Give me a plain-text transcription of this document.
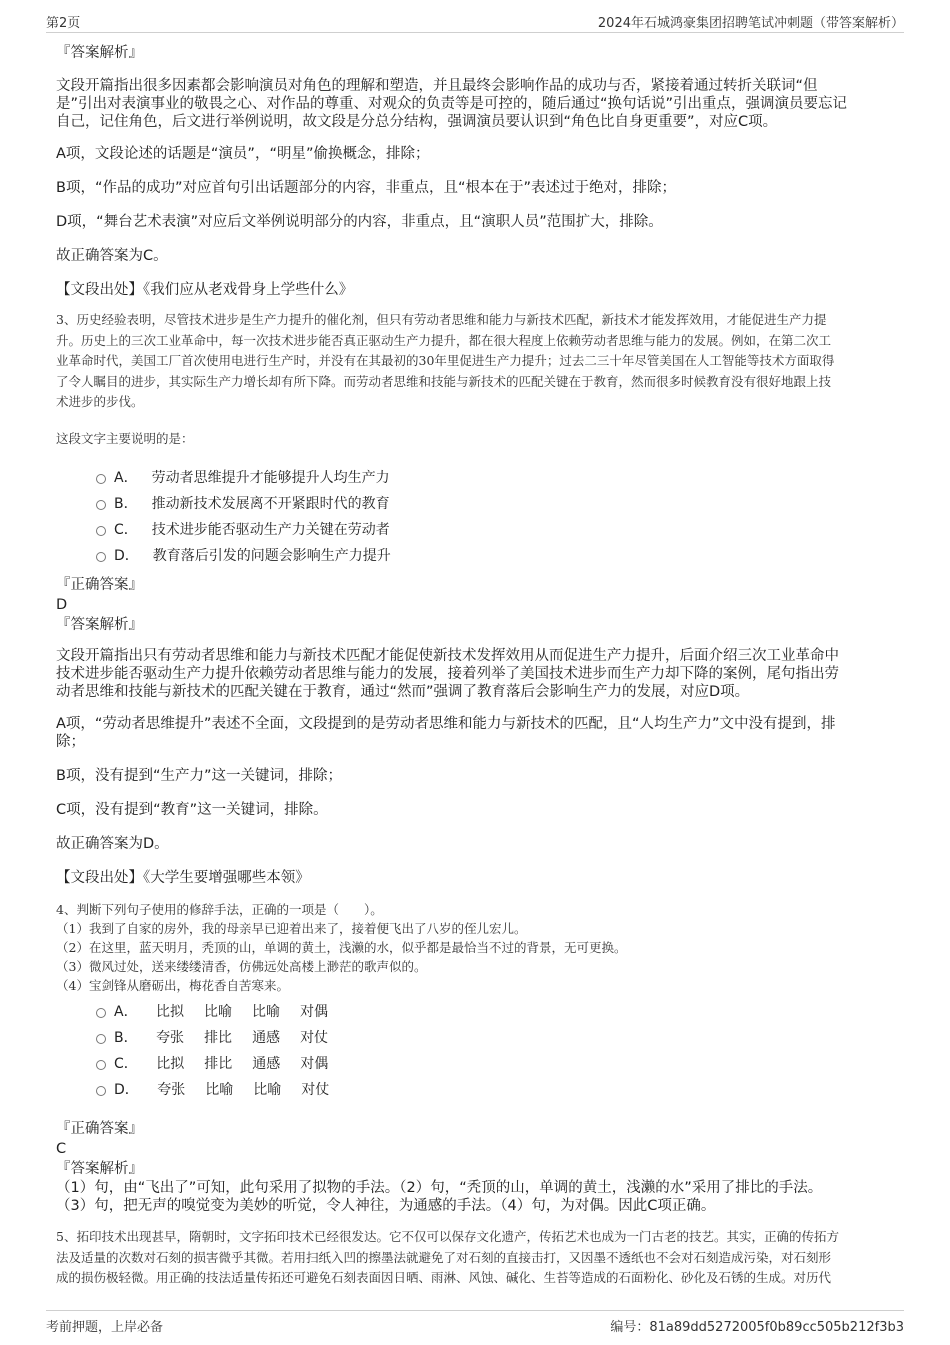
第2页	2024年石城鸿豪集团招聘笔试冲刺题（带答案解析）
『答案解析』
文段开篇指出很多因素都会影响演员对角色的理解和塑造，并且最终会影响作品的成功与否，紧接着通过转折关联词“但
是”引出对表演事业的敬畏之心、对作品的尊重、对观众的负责等是可控的，随后通过“换句话说”引出重点，强调演员要忘记
自己，记住角色，后文进行举例说明，故文段是分总分结构，强调演员要认识到“角色比自身更重要”，对应C项。
A项，文段论述的话题是“演员”，“明星”偷换概念，排除；
B项，“作品的成功”对应首句引出话题部分的内容，非重点，且“根本在于”表述过于绝对，排除；
D项，“舞台艺术表演”对应后文举例说明部分的内容，非重点，且“演职人员”范围扩大，排除。
故正确答案为C。
【文段出处】《我们应从老戏骨身上学些什么》
3、历史经验表明，尽管技术进步是生产力提升的催化剂，但只有劳动者思维和能力与新技术匹配，新技术才能发挥效用，才能促进生产力提
升。历史上的三次工业革命中，每一次技术进步能否真正驱动生产力提升，都在很大程度上依赖劳动者思维与能力的发展。例如，在第二次工
业革命时代，美国工厂首次使用电进行生产时，并没有在其最初的30年里促进生产力提升；过去二三十年尽管美国在人工智能等技术方面取得
了令人瞩目的进步，其实际生产力增长却有所下降。而劳动者思维和技能与新技术的匹配关键在于教育，然而很多时候教育没有很好地跟上技
术进步的步伐。
这段文字主要说明的是：
A． 劳动者思维提升才能够提升人均生产力
B． 推动新技术发展离不开紧跟时代的教育
C． 技术进步能否驱动生产力关键在劳动者
D． 教育落后引发的问题会影响生产力提升
『正确答案』
D
『答案解析』
文段开篇指出只有劳动者思维和能力与新技术匹配才能促使新技术发挥效用从而促进生产力提升，后面介绍三次工业革命中
技术进步能否驱动生产力提升依赖劳动者思维与能力的发展，接着列举了美国技术进步而生产力却下降的案例，尾句指出劳
动者思维和技能与新技术的匹配关键在于教育，通过“然而”强调了教育落后会影响生产力的发展，对应D项。
A项，“劳动者思维提升”表述不全面，文段提到的是劳动者思维和能力与新技术的匹配，且“人均生产力”文中没有提到，排
除；
B项，没有提到“生产力”这一关键词，排除；
C项，没有提到“教育”这一关键词，排除。
故正确答案为D。
【文段出处】《大学生要增强哪些本领》
4、判断下列句子使用的修辞手法，正确的一项是（　　）。
（1）我到了自家的房外，我的母亲早已迎着出来了，接着便飞出了八岁的侄儿宏儿。
（2）在这里，蓝天明月，秃顶的山，单调的黄土，浅濑的水，似乎都是最恰当不过的背景，无可更换。
（3）微风过处，送来缕缕清香，仿佛远处高楼上渺茫的歌声似的。
（4）宝剑锋从磨砺出，梅花香自苦寒来。
A． 比拟 比喻 比喻 对偶
B． 夸张 排比 通感 对仗
C． 比拟 排比 通感 对偶
D． 夸张 比喻 比喻 对仗
『正确答案』
C
『答案解析』
（1）句，由“飞出了”可知，此句采用了拟物的手法。（2）句，“秃顶的山，单调的黄土，浅濑的水”采用了排比的手法。
（3）句，把无声的嗅觉变为美妙的听觉，令人神往，为通感的手法。（4）句，为对偶。因此C项正确。
5、拓印技术出现甚早，隋朝时，文字拓印技术已经很发达。它不仅可以保存文化遗产，传拓艺术也成为一门古老的技艺。其实，正确的传拓方
法及适量的次数对石刻的损害微乎其微。若用扫纸入凹的擦墨法就避免了对石刻的直接击打，又因墨不透纸也不会对石刻造成污染，对石刻形
成的损伤极轻微。用正确的技法适量传拓还可避免石刻表面因日晒、雨淋、风蚀、碱化、生苔等造成的石面粉化、砂化及石锈的生成。对历代
考前押题，上岸必备	编号：81a89dd5272005f0b89cc505b212f3b3
